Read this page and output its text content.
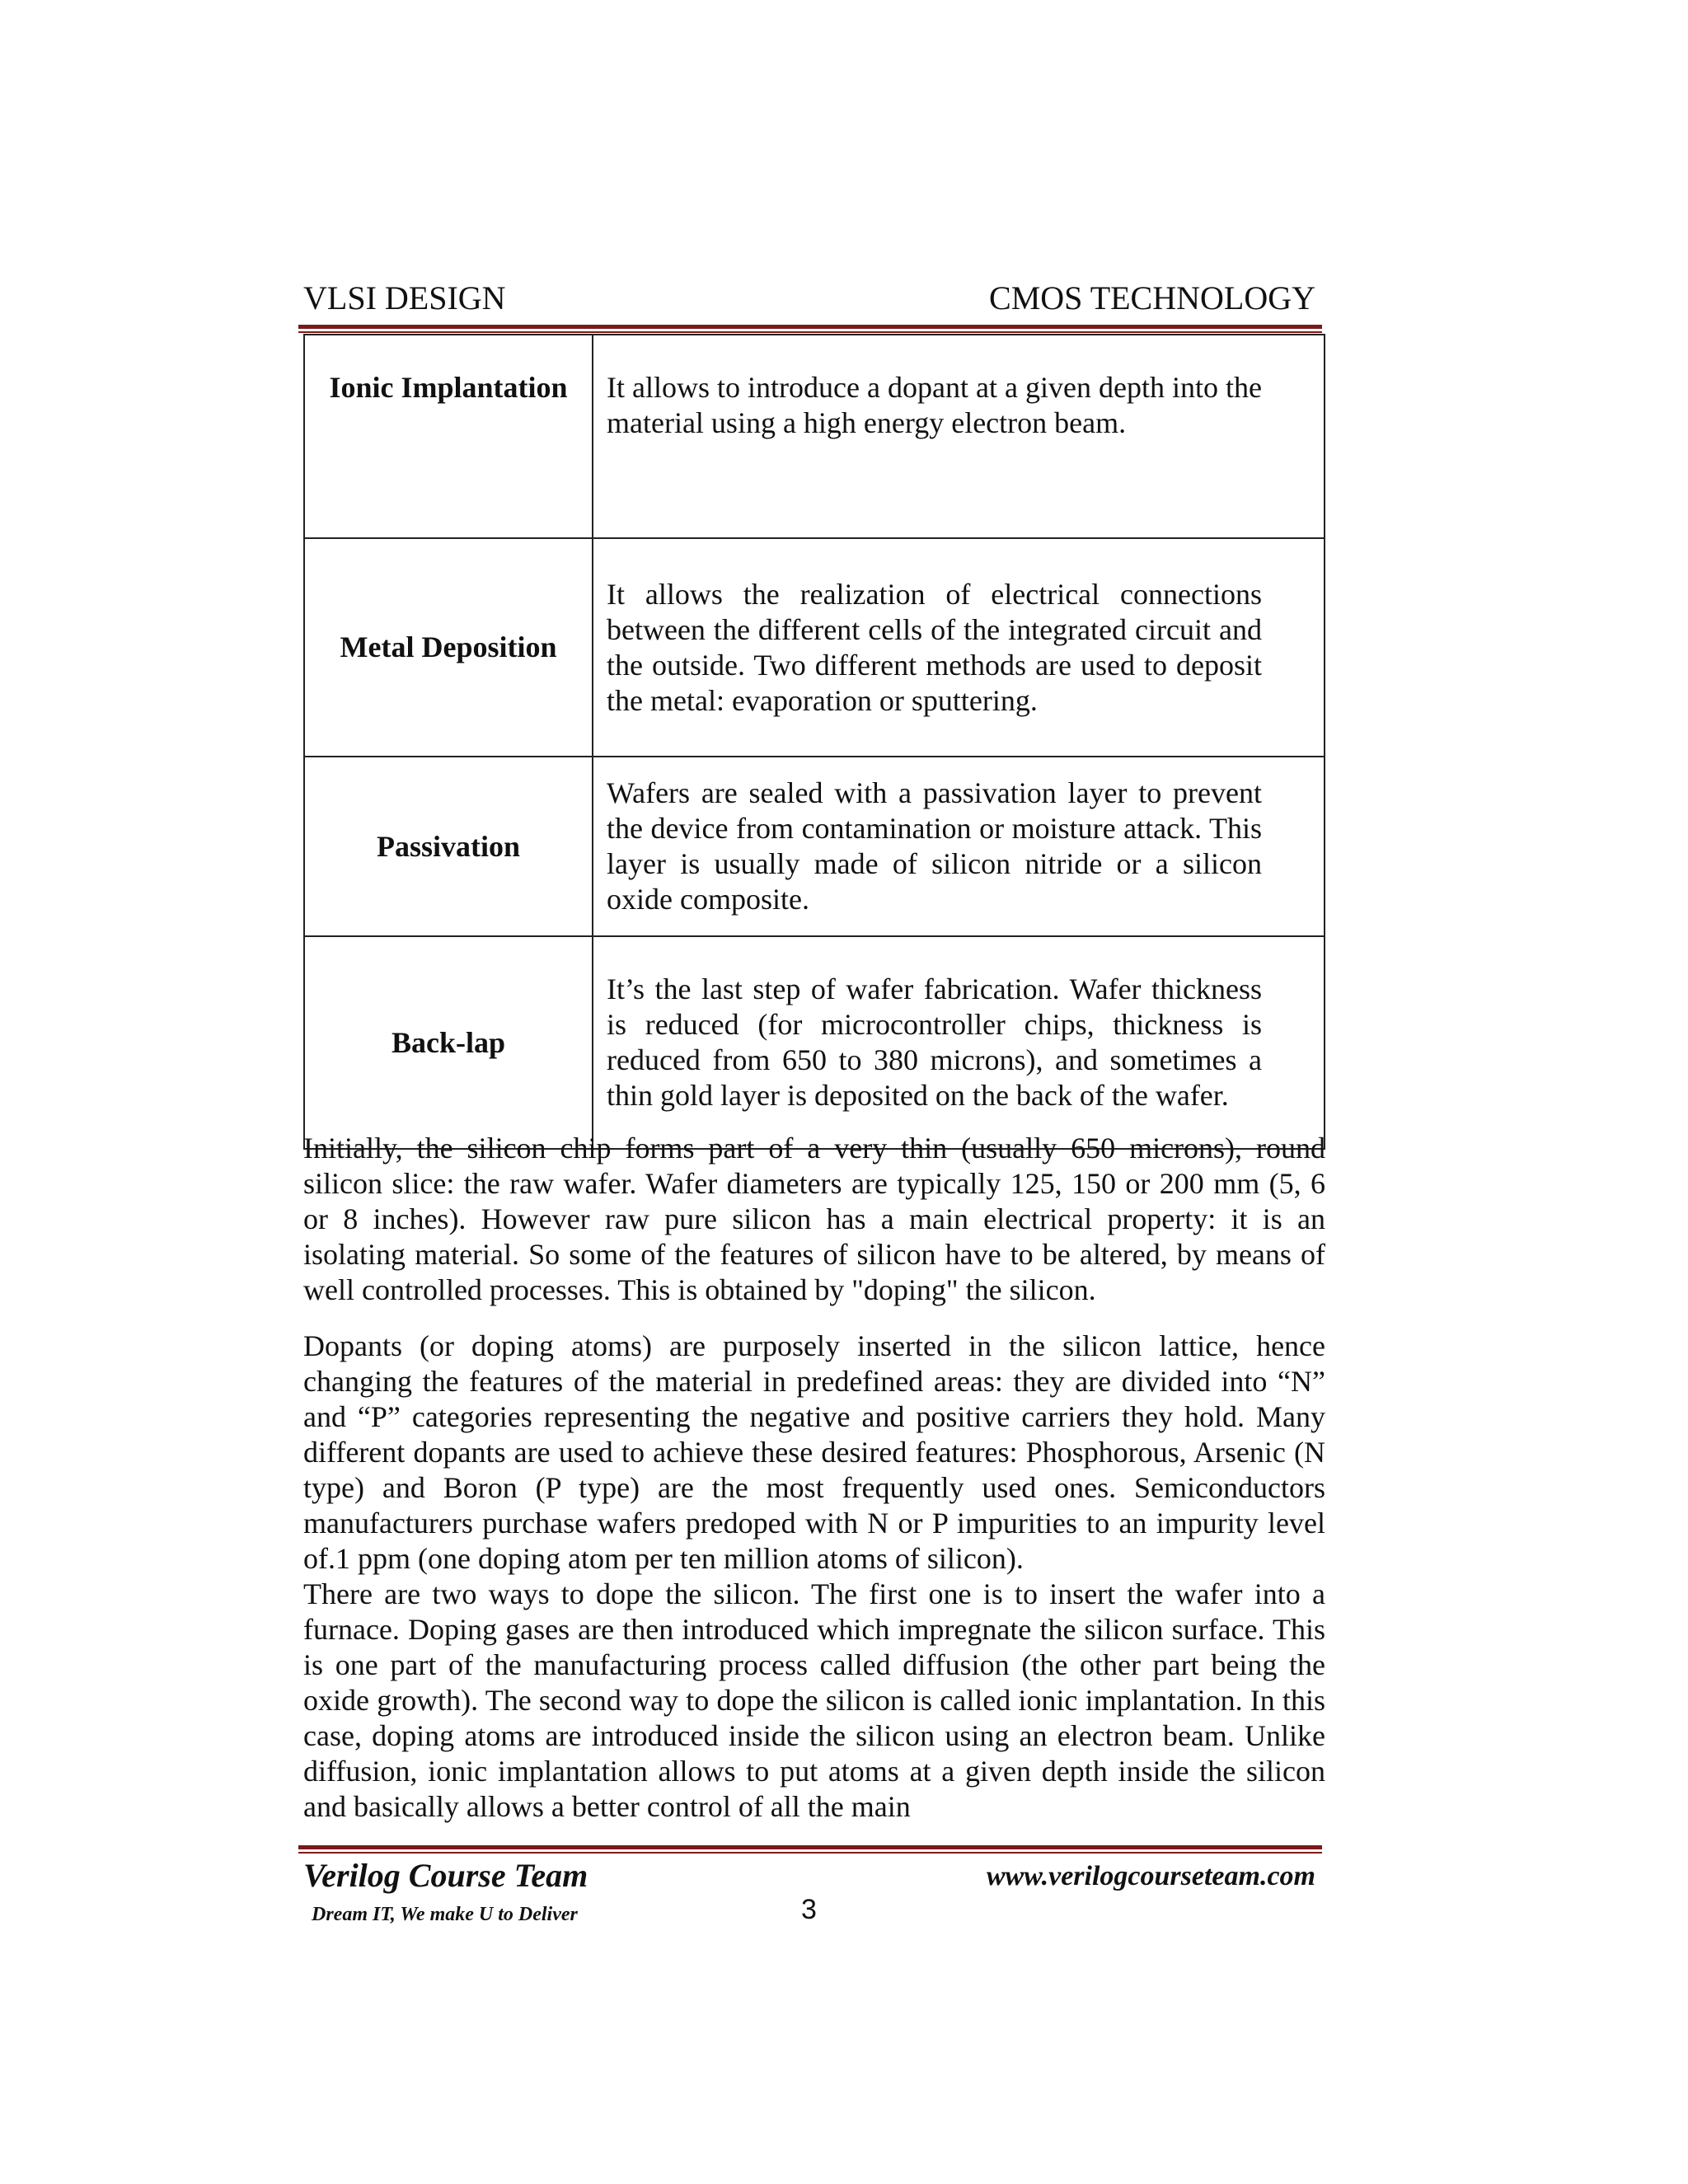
VLSI DESIGN	CMOS TECHNOLOGY
Ionic Implantation	It allows to introduce a dopant at a given depth into the material using a high energy electron beam.
Metal Deposition	It allows the realization of electrical connections between the different cells of the integrated circuit and the outside. Two different methods are used to deposit the metal: evaporation or sputtering.
Passivation	Wafers are sealed with a passivation layer to prevent the device from contamination or moisture attack. This layer is usually made of silicon nitride or a silicon oxide composite.
Back-lap	It’s the last step of wafer fabrication. Wafer thickness is reduced (for microcontroller chips, thickness is reduced from 650 to 380 microns), and sometimes a thin gold layer is deposited on the back of the wafer.

Initially, the silicon chip forms part of a very thin (usually 650 microns), round silicon slice: the raw wafer. Wafer diameters are typically 125, 150 or 200 mm (5, 6 or 8 inches). However raw pure silicon has a main electrical property: it is an isolating material. So some of the features of silicon have to be altered, by means of well controlled processes. This is obtained by "doping" the silicon.

Dopants (or doping atoms) are purposely inserted in the silicon lattice, hence changing the features of the material in predefined areas: they are divided into “N” and “P” categories representing the negative and positive carriers they hold. Many different dopants are used to achieve these desired features: Phosphorous, Arsenic (N type) and Boron (P type) are the most frequently used ones. Semiconductors manufacturers purchase wafers predoped with N or P impurities to an impurity level of.1 ppm (one doping atom per ten million atoms of silicon).

There are two ways to dope the silicon. The first one is to insert the wafer into a furnace. Doping gases are then introduced which impregnate the silicon surface. This is one part of the manufacturing process called diffusion (the other part being the oxide growth). The second way to dope the silicon is called ionic implantation. In this case, doping atoms are introduced inside the silicon using an electron beam. Unlike diffusion, ionic implantation allows to put atoms at a given depth inside the silicon and basically allows a better control of all the main

Verilog Course Team
Dream IT, We make U to Deliver	3
www.verilogcourseteam.com
